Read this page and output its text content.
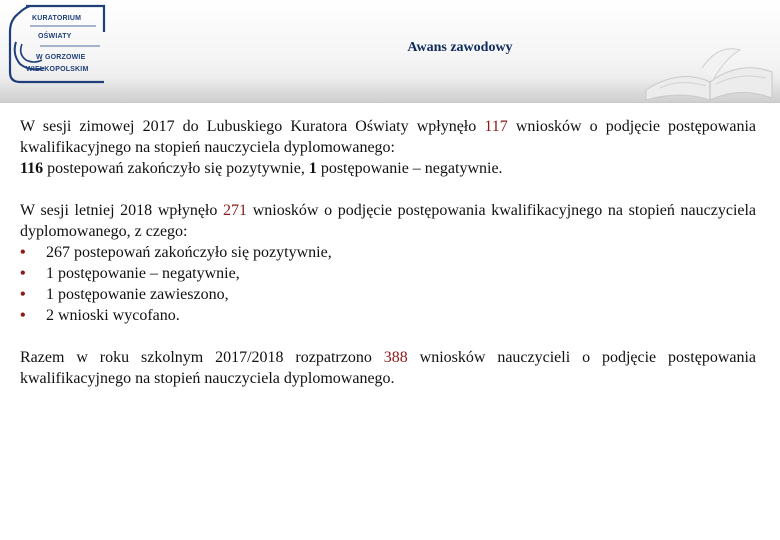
KURATORIUM
OŚWIATY
W GORZOWIE
WIELKOPOLSKIM
Awans zawodowy

W sesji zimowej 2017 do Lubuskiego Kuratora Oświaty wpłynęło 117 wniosków o podjęcie postępowania kwalifikacyjnego na stopień nauczyciela dyplomowanego:

116 postepowań zakończyło się pozytywnie, 1 postępowanie – negatywnie.

W sesji letniej 2018 wpłynęło 271 wniosków o podjęcie postępowania kwalifikacyjnego na stopień nauczyciela dyplomowanego, z czego:

• 267 postepowań zakończyło się pozytywnie,
• 1 postępowanie – negatywnie,
• 1 postępowanie zawieszono,
• 2 wnioski wycofano.

Razem w roku szkolnym 2017/2018 rozpatrzono 388 wniosków nauczycieli o podjęcie postępowania kwalifikacyjnego na stopień nauczyciela dyplomowanego.
